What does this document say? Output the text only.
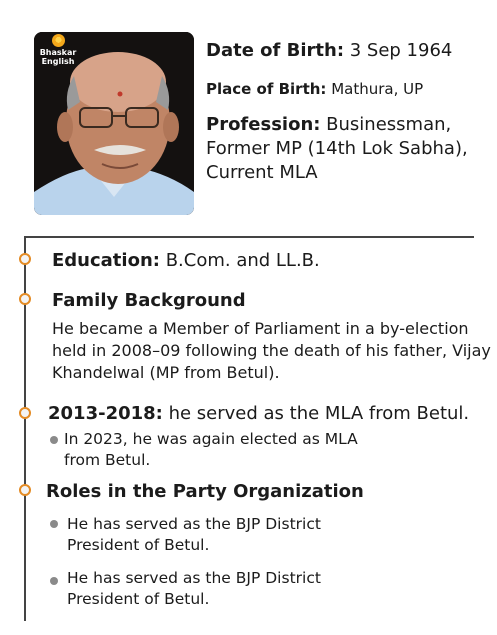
Bhaskar
English
Date of Birth: 3 Sep 1964
Place of Birth: Mathura, UP
Profession: Businessman, Former MP (14th Lok Sabha), Current MLA
Education: B.Com. and LL.B.
Family Background
He became a Member of Parliament in a by-election held in 2008–09 following the death of his father, Vijay Khandelwal (MP from Betul).
2013-2018: he served as the MLA from Betul.
In 2023, he was again elected as MLA from Betul.
Roles in the Party Organization
He has served as the BJP District President of Betul.
He has served as the BJP District President of Betul.
